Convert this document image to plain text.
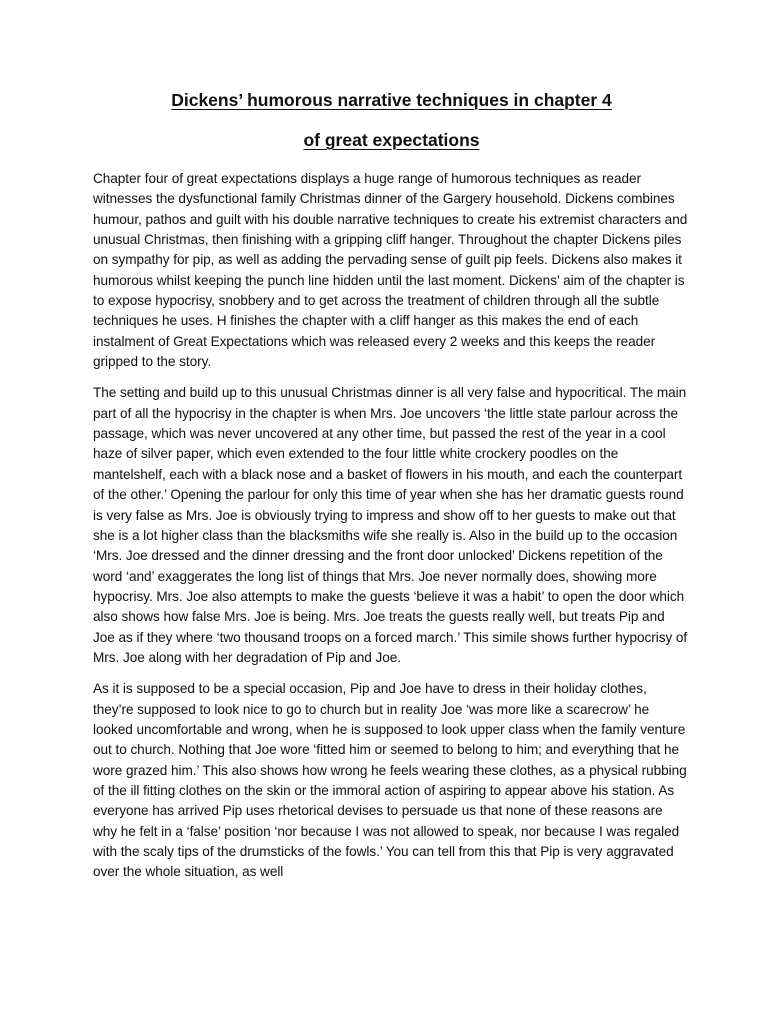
Dickens’ humorous narrative techniques in chapter 4
of great expectations

Chapter four of great expectations displays a huge range of humorous techniques as reader witnesses the dysfunctional family Christmas dinner of the Gargery household. Dickens combines humour, pathos and guilt with his double narrative techniques to create his extremist characters and unusual Christmas, then finishing with a gripping cliff hanger. Throughout the chapter Dickens piles on sympathy for pip, as well as adding the pervading sense of guilt pip feels. Dickens also makes it humorous whilst keeping the punch line hidden until the last moment. Dickens’ aim of the chapter is to expose hypocrisy, snobbery and to get across the treatment of children through all the subtle techniques he uses. H finishes the chapter with a cliff hanger as this makes the end of each instalment of Great Expectations which was released every 2 weeks and this keeps the reader gripped to the story.

The setting and build up to this unusual Christmas dinner is all very false and hypocritical. The main part of all the hypocrisy in the chapter is when Mrs. Joe uncovers ‘the little state parlour across the passage, which was never uncovered at any other time, but passed the rest of the year in a cool haze of silver paper, which even extended to the four little white crockery poodles on the mantelshelf, each with a black nose and a basket of flowers in his mouth, and each the counterpart of the other.’ Opening the parlour for only this time of year when she has her dramatic guests round is very false as Mrs. Joe is obviously trying to impress and show off to her guests to make out that she is a lot higher class than the blacksmiths wife she really is. Also in the build up to the occasion ‘Mrs. Joe dressed and the dinner dressing and the front door unlocked’ Dickens repetition of the word ‘and’ exaggerates the long list of things that Mrs. Joe never normally does, showing more hypocrisy. Mrs. Joe also attempts to make the guests ‘believe it was a habit’ to open the door which also shows how false Mrs. Joe is being. Mrs. Joe treats the guests really well, but treats Pip and Joe as if they where ‘two thousand troops on a forced march.’ This simile shows further hypocrisy of Mrs. Joe along with her degradation of Pip and Joe.

As it is supposed to be a special occasion, Pip and Joe have to dress in their holiday clothes, they’re supposed to look nice to go to church but in reality Joe ‘was more like a scarecrow’ he looked uncomfortable and wrong, when he is supposed to look upper class when the family venture out to church. Nothing that Joe wore ‘fitted him or seemed to belong to him; and everything that he wore grazed him.’ This also shows how wrong he feels wearing these clothes, as a physical rubbing of the ill fitting clothes on the skin or the immoral action of aspiring to appear above his station. As everyone has arrived Pip uses rhetorical devises to persuade us that none of these reasons are why he felt in a ‘false’ position ‘nor because I was not allowed to speak, nor because I was regaled with the scaly tips of the drumsticks of the fowls.’ You can tell from this that Pip is very aggravated over the whole situation, as well
